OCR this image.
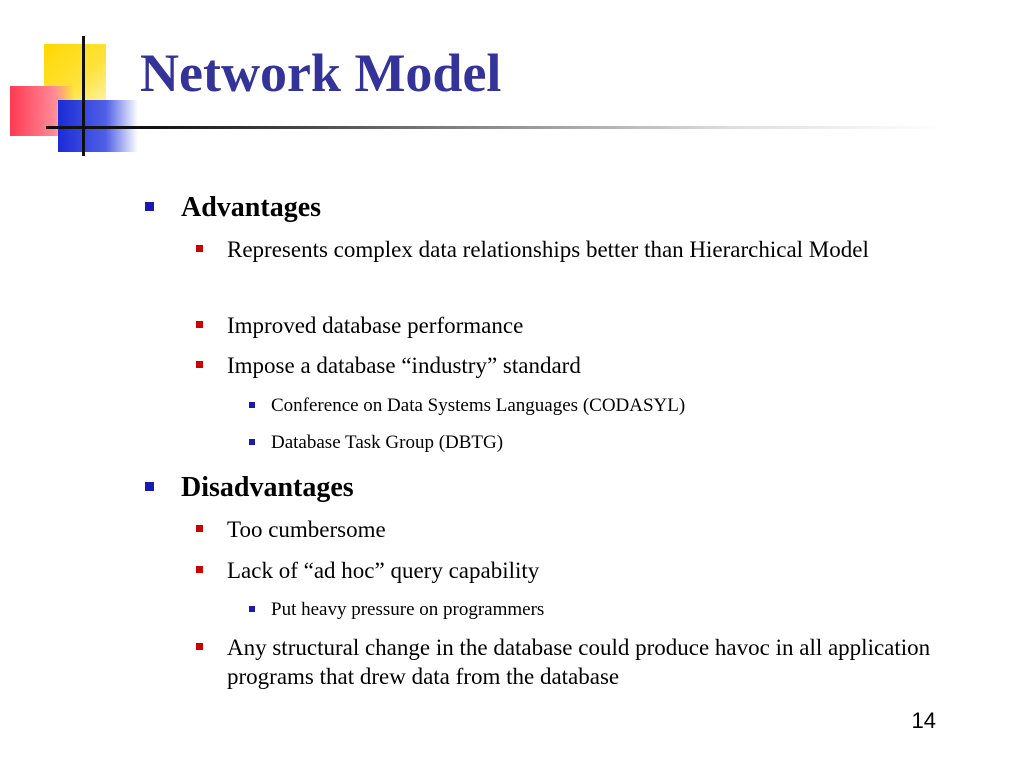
Network Model
Advantages
Represents complex data relationships better than Hierarchical Model
Improved database performance
Impose a database “industry” standard
Conference on Data Systems Languages (CODASYL)
Database Task Group (DBTG)
Disadvantages
Too cumbersome
Lack of “ad hoc” query capability
Put heavy pressure on programmers
Any structural change in the database could produce havoc in all application programs that drew data from the database
14
